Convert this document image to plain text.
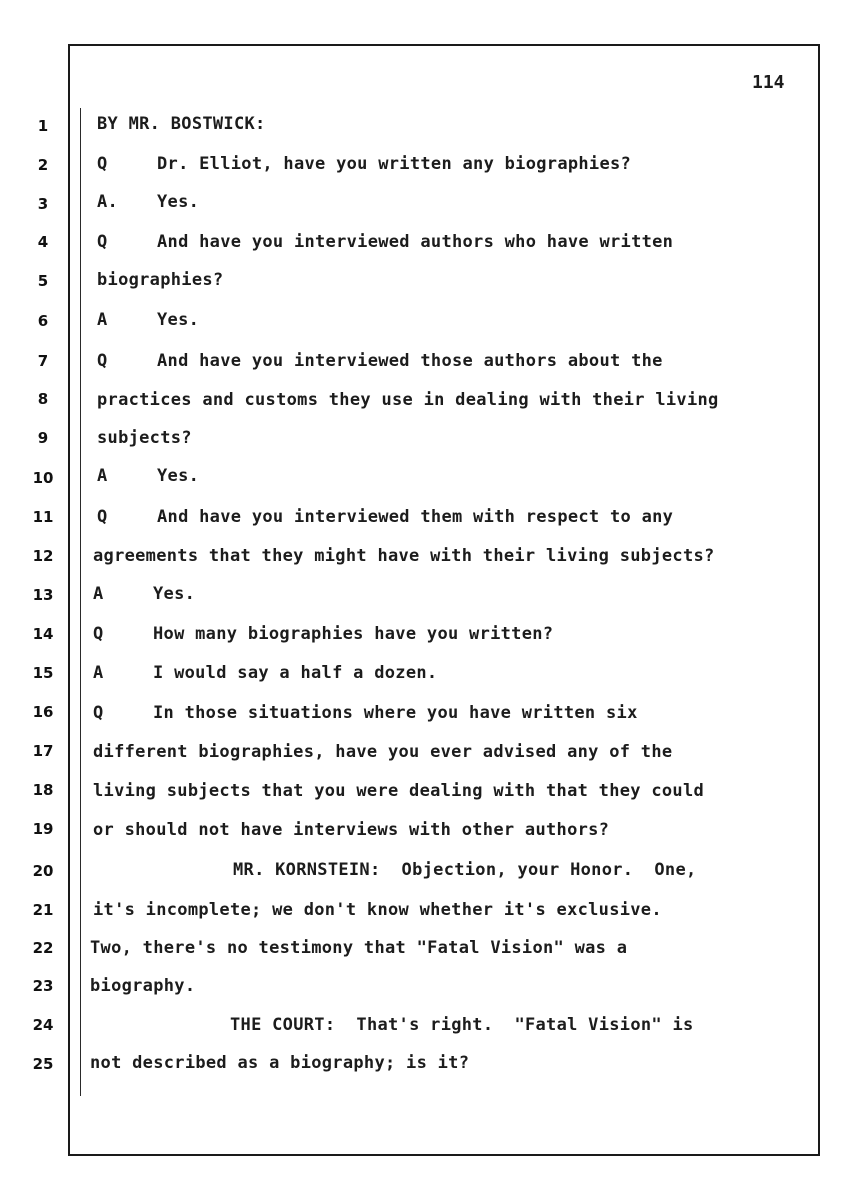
114
1
2
3
4
5
6
7
8
9
10
11
12
13
14
15
16
17
18
19
20
21
22
23
24
25
BY MR. BOSTWICK:
Q	Dr. Elliot, have you written any biographies?
A. Yes.
Q	And have you interviewed authors who have written
biographies?
A	Yes.
Q	And have you interviewed those authors about the
practices and customs they use in dealing with their living
subjects?
A	Yes.
Q	And have you interviewed them with respect to any
agreements that they might have with their living subjects?
A	Yes.
Q	How many biographies have you written?
A	I would say a half a dozen.
Q	In those situations where you have written six
different biographies, have you ever advised any of the
living subjects that you were dealing with that they could
or should not have interviews with other authors?
MR. KORNSTEIN:  Objection, your Honor.  One,
it's incomplete; we don't know whether it's exclusive.
Two, there's no testimony that "Fatal Vision" was a
biography.
THE COURT:  That's right.  "Fatal Vision" is
not described as a biography; is it?
